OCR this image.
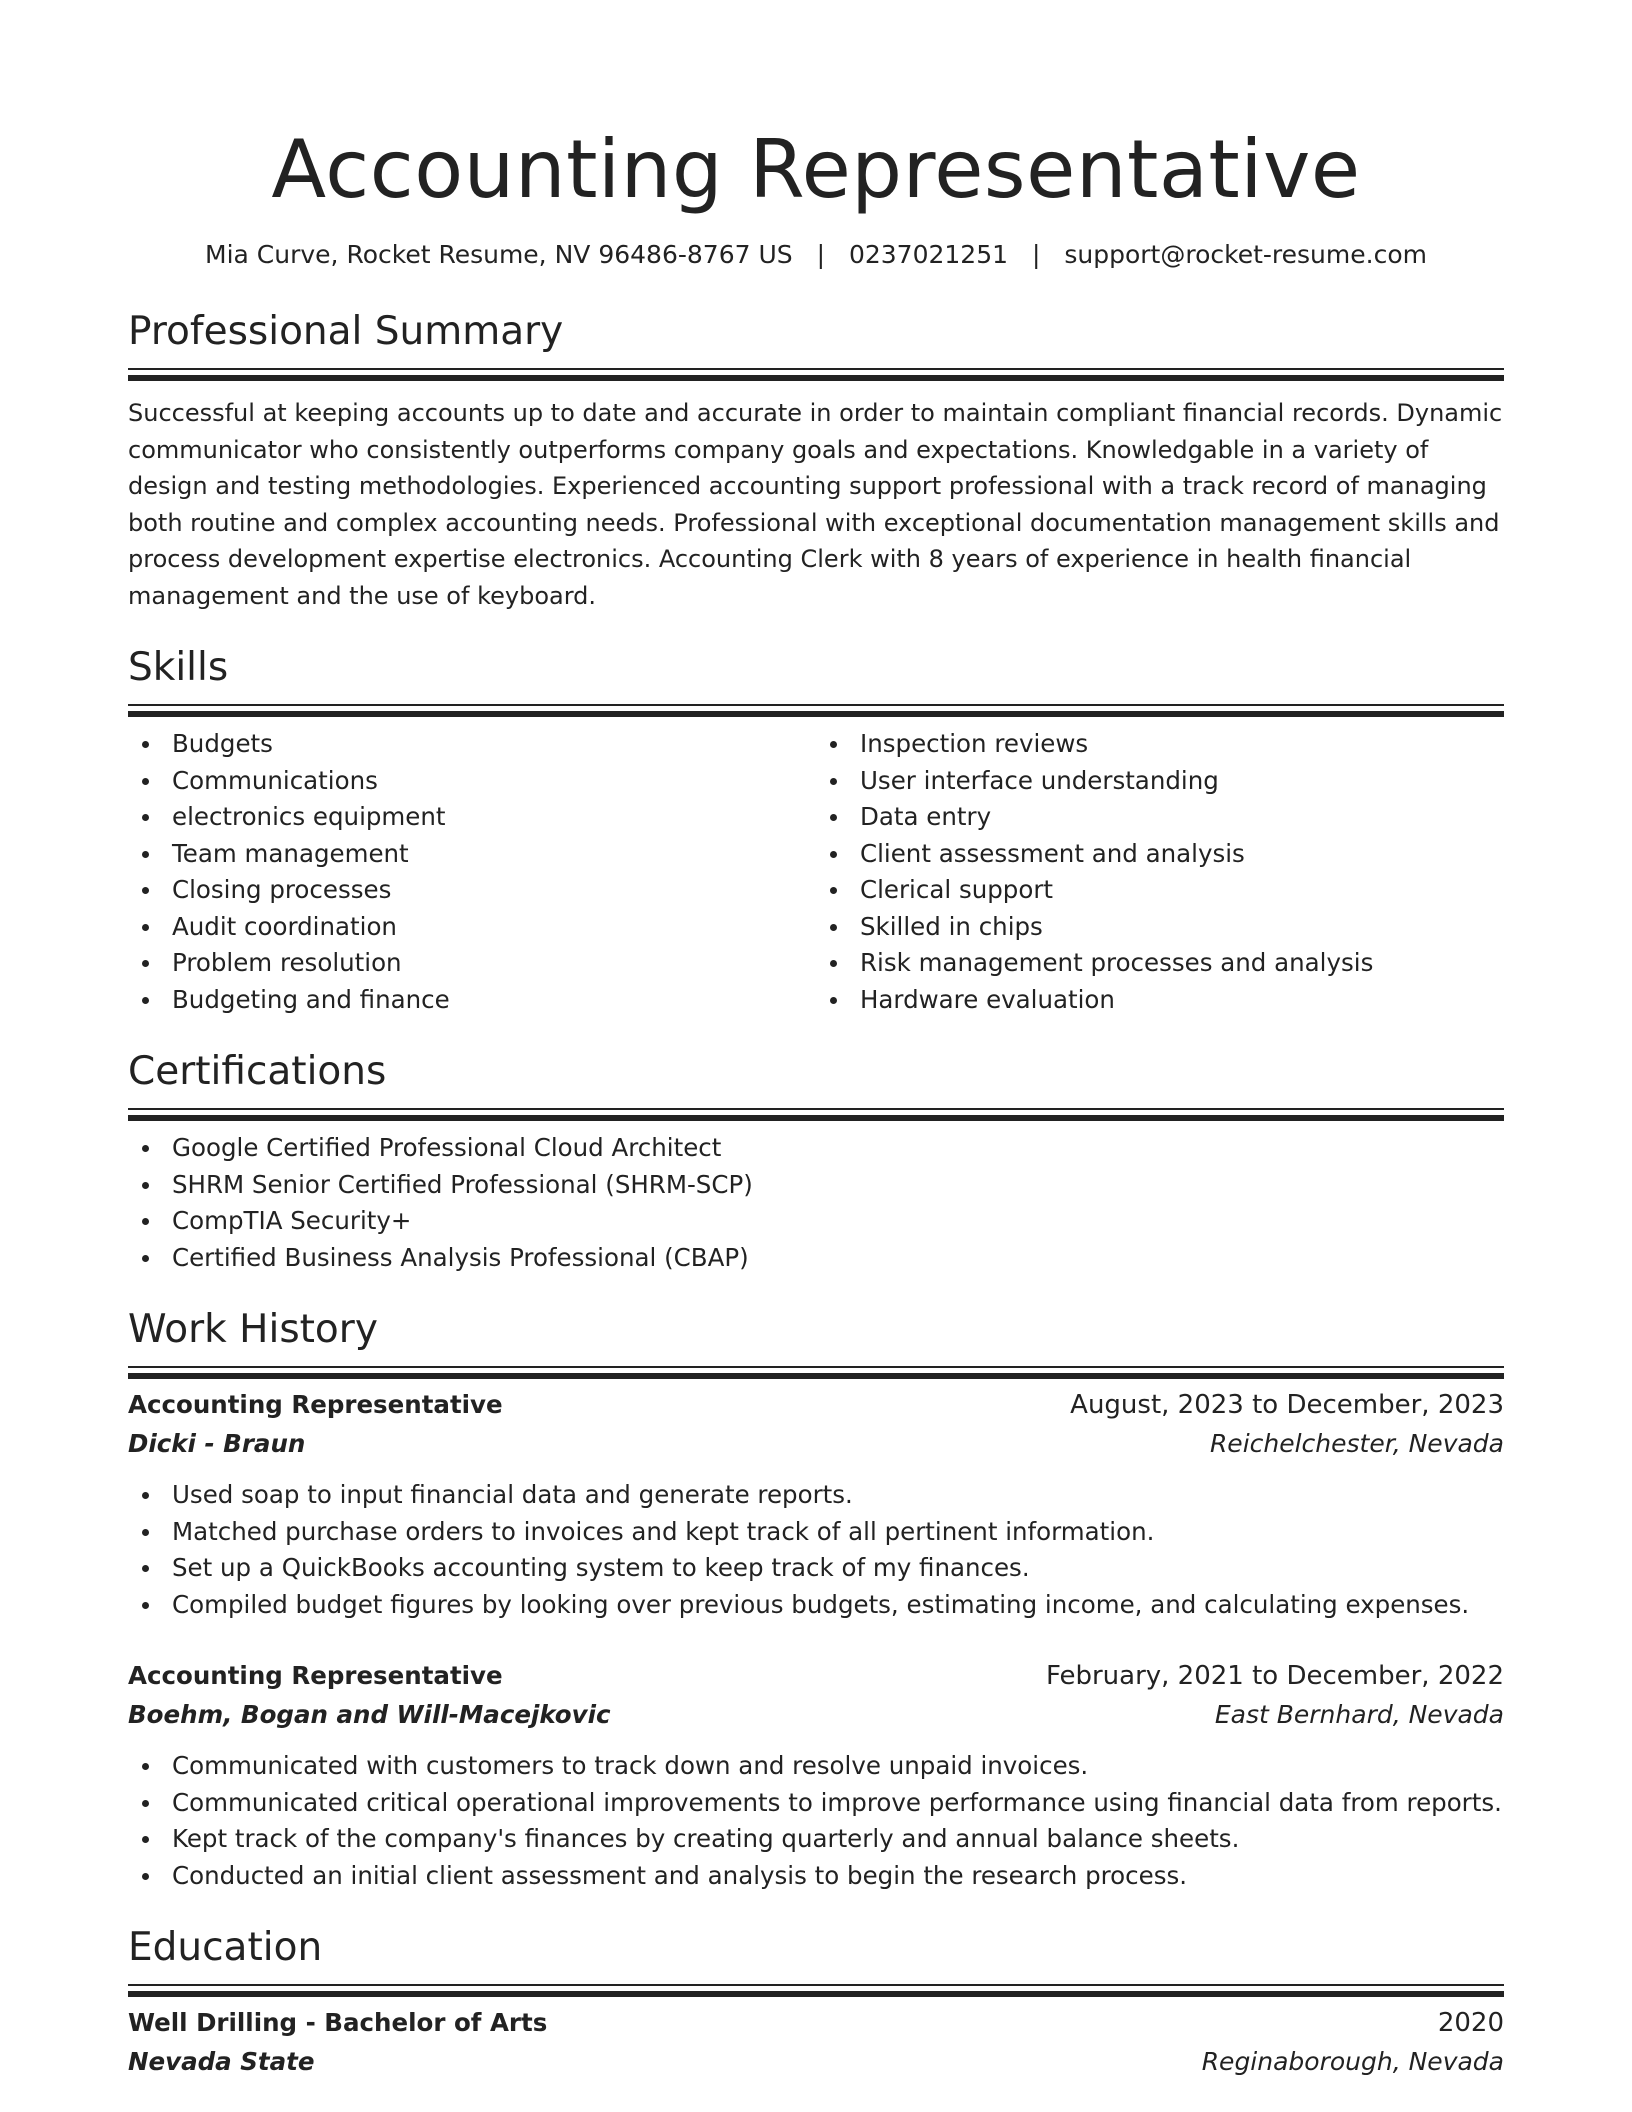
Accounting Representative
Mia Curve, Rocket Resume, NV 96486-8767 US | 0237021251 | support@rocket-resume.com
Professional Summary

Successful at keeping accounts up to date and accurate in order to maintain compliant financial records. Dynamic communicator who consistently outperforms company goals and expectations. Knowledgable in a variety of design and testing methodologies. Experienced accounting support professional with a track record of managing both routine and complex accounting needs. Professional with exceptional documentation management skills and process development expertise electronics. Accounting Clerk with 8 years of experience in health financial management and the use of keyboard.

Skills
Budgets
Communications
electronics equipment
Team management
Closing processes
Audit coordination
Problem resolution
Budgeting and finance
Inspection reviews
User interface understanding
Data entry
Client assessment and analysis
Clerical support
Skilled in chips
Risk management processes and analysis
Hardware evaluation
Certifications
Google Certified Professional Cloud Architect
SHRM Senior Certified Professional (SHRM-SCP)
CompTIA Security+
Certified Business Analysis Professional (CBAP)
Work History
Accounting Representative	August, 2023 to December, 2023
Dicki - Braun	Reichelchester, Nevada
Used soap to input financial data and generate reports.
Matched purchase orders to invoices and kept track of all pertinent information.
Set up a QuickBooks accounting system to keep track of my finances.
Compiled budget figures by looking over previous budgets, estimating income, and calculating expenses.
Accounting Representative	February, 2021 to December, 2022
Boehm, Bogan and Will-Macejkovic	East Bernhard, Nevada
Communicated with customers to track down and resolve unpaid invoices.
Communicated critical operational improvements to improve performance using financial data from reports.
Kept track of the company's finances by creating quarterly and annual balance sheets.
Conducted an initial client assessment and analysis to begin the research process.
Education
Well Drilling - Bachelor of Arts	2020
Nevada State	Reginaborough, Nevada
